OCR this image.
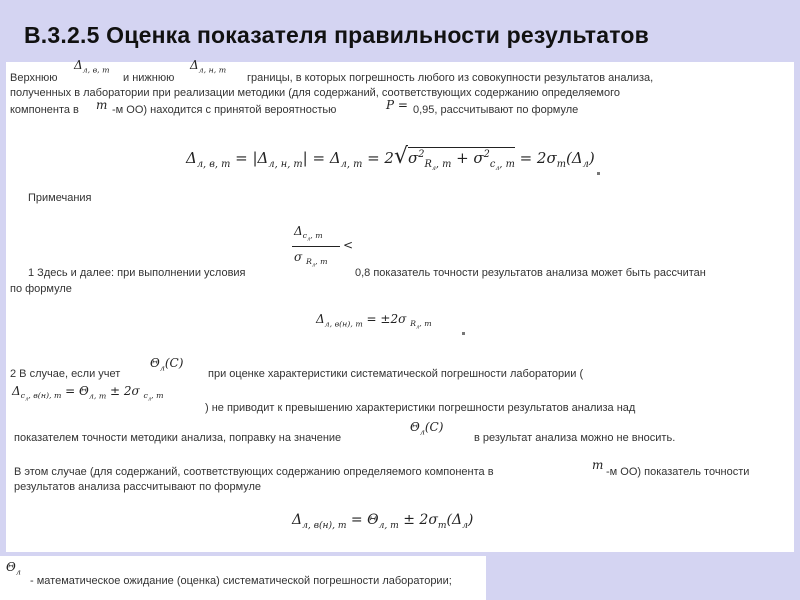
В.3.2.5 Оценка показателя правильности результатов
Верхнюю
$\Delta_{л, в, m}$
и нижнюю
$\Delta_{л, н, m}$
границы, в которых погрешность любого из совокупности результатов анализа,
полученных в лаборатории при реализации методики (для содержаний, соответствующих содержанию определяемого
компонента в m -м ОО) находится с принятой вероятностью	P = 0,95, рассчитывают по формуле
$\Delta_{л, в, m} = |\Delta_{л, н, m}| = \Delta_{л, m} = 2√\sigma^2_{R_л, m} + \sigma^2_{c_л, m} = 2\sigma_m(\Delta_л)$
Примечания
$\Delta_{c_л, m}$
σ $_{R_л, m}$
<
1 Здесь и далее: при выполнении условия	0,8 показатель точности результатов анализа может быть рассчитан
по формуле
$\Delta_{л, в(н), m} = \pm 2\sigma$ $_{R_л, m}$
2 В случае, если учет
$\Theta_л(C)$
при оценке характеристики систематической погрешности лаборатории (
$\Delta_{c_л, в(н), m} = \Theta_{л, m} \pm 2\sigma$ $_{c_л, m}$
) не приводит к превышению характеристики погрешности результатов анализа над
показателем точности методики анализа, поправку на значение
$\Theta_л(C)$
в результат анализа можно не вносить.
В этом случае (для содержаний, соответствующих содержанию определяемого компонента в	m -м ОО) показатель точности
результатов анализа рассчитывают по формуле
$\Delta_{л, в(н), m} = \Theta_{л, m} \pm 2\sigma_m(\Delta_л)$
$\Theta_л$
- математическое ожидание (оценка) систематической погрешности лаборатории;
